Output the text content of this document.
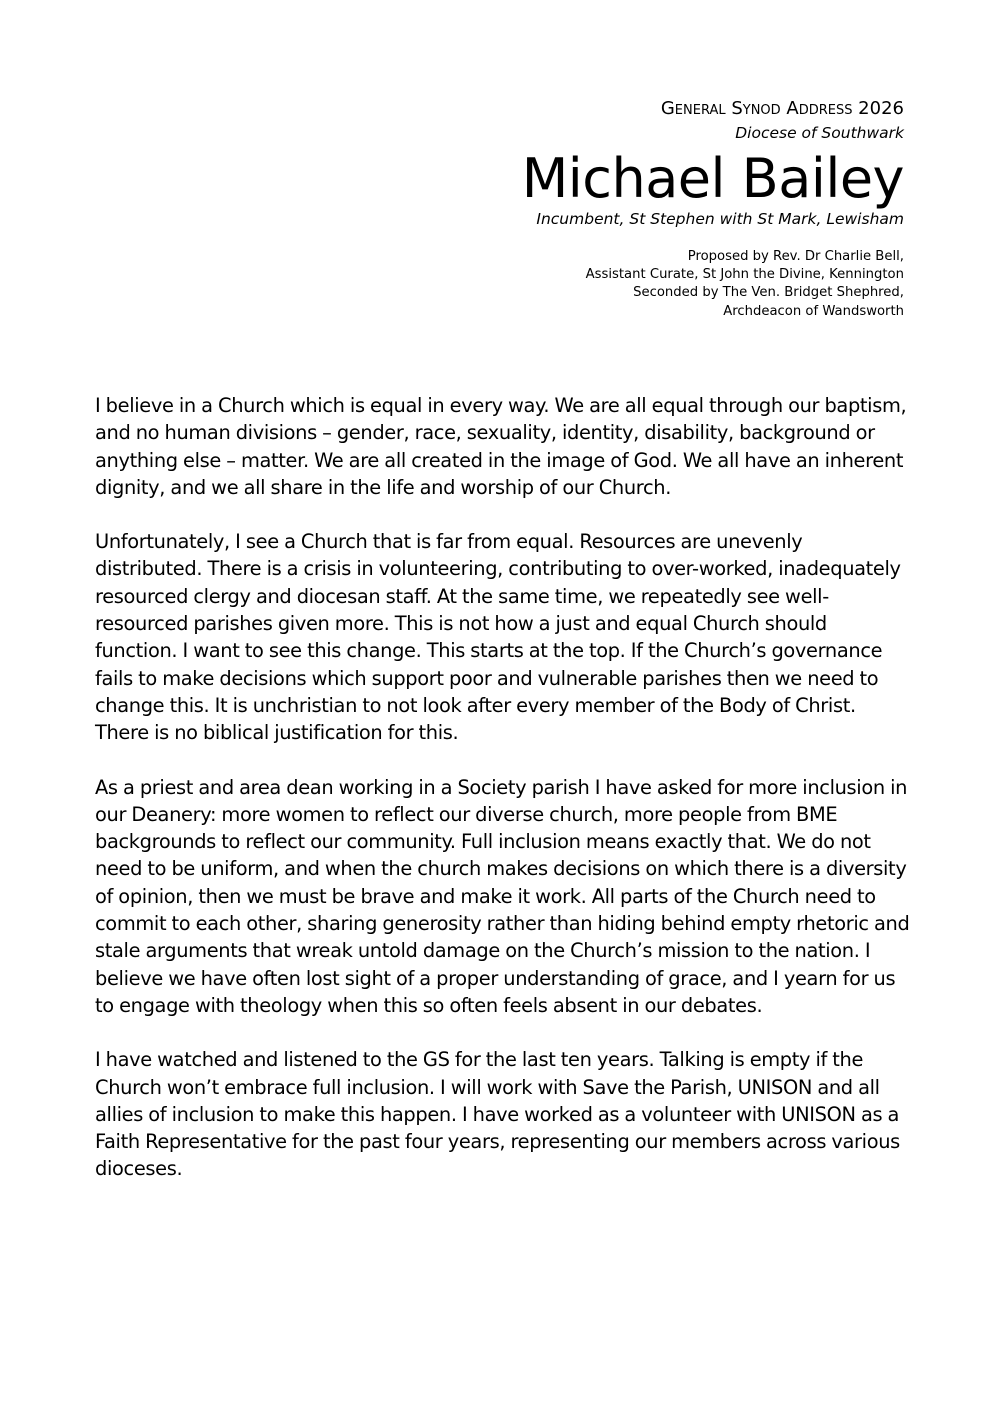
General Synod Address 2026
Diocese of Southwark
Michael Bailey
Incumbent, St Stephen with St Mark, Lewisham
Proposed by Rev. Dr Charlie Bell,
Assistant Curate, St John the Divine, Kennington
Seconded by The Ven. Bridget Shephred,
Archdeacon of Wandsworth

I believe in a Church which is equal in every way. We are all equal through our baptism, and no human divisions – gender, race, sexuality, identity, disability, background or anything else – matter. We are all created in the image of God. We all have an inherent dignity, and we all share in the life and worship of our Church.

Unfortunately, I see a Church that is far from equal. Resources are unevenly distributed. There is a crisis in volunteering, contributing to over-worked, inadequately resourced clergy and diocesan staff. At the same time, we repeatedly see well-resourced parishes given more. This is not how a just and equal Church should function. I want to see this change. This starts at the top. If the Church’s governance fails to make decisions which support poor and vulnerable parishes then we need to change this. It is unchristian to not look after every member of the Body of Christ. There is no biblical justification for this.

As a priest and area dean working in a Society parish I have asked for more inclusion in our Deanery: more women to reflect our diverse church, more people from BME backgrounds to reflect our community. Full inclusion means exactly that. We do not need to be uniform, and when the church makes decisions on which there is a diversity of opinion, then we must be brave and make it work. All parts of the Church need to commit to each other, sharing generosity rather than hiding behind empty rhetoric and stale arguments that wreak untold damage on the Church’s mission to the nation. I believe we have often lost sight of a proper understanding of grace, and I yearn for us to engage with theology when this so often feels absent in our debates.

I have watched and listened to the GS for the last ten years. Talking is empty if the Church won’t embrace full inclusion. I will work with Save the Parish, UNISON and all allies of inclusion to make this happen. I have worked as a volunteer with UNISON as a Faith Representative for the past four years, representing our members across various dioceses.
